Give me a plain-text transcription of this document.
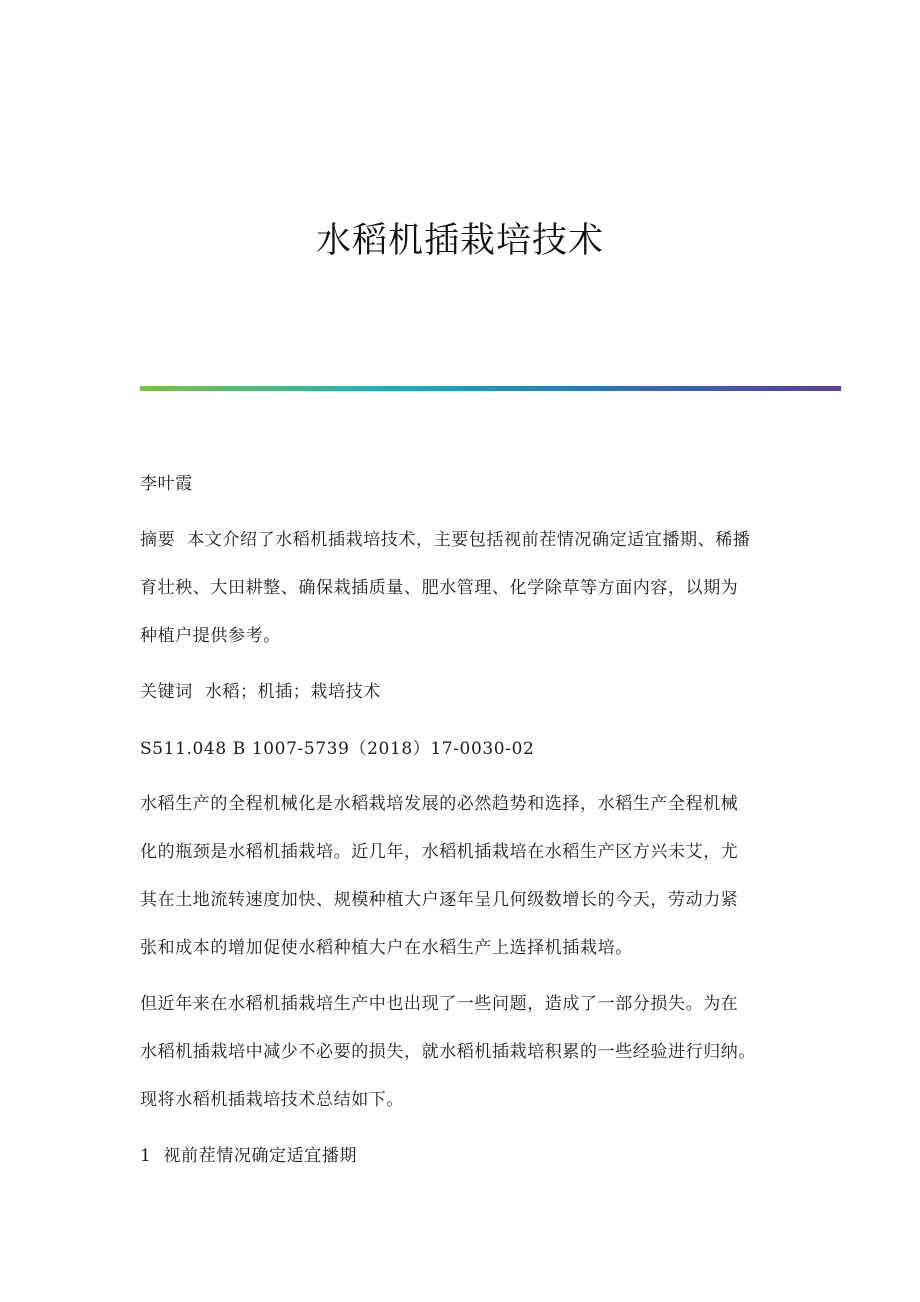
水稻机插栽培技术
李叶霞
摘要 本文介绍了水稻机插栽培技术，主要包括视前茬情况确定适宜播期、稀播
育壮秧、大田耕整、确保栽插质量、肥水管理、化学除草等方面内容，以期为
种植户提供参考。
关键词 水稻；机插；栽培技术
S511.048 B 1007-5739（2018）17-0030-02
水稻生产的全程机械化是水稻栽培发展的必然趋势和选择，水稻生产全程机械
化的瓶颈是水稻机插栽培。近几年，水稻机插栽培在水稻生产区方兴未艾，尤
其在土地流转速度加快、规模种植大户逐年呈几何级数增长的今天，劳动力紧
张和成本的增加促使水稻种植大户在水稻生产上选择机插栽培。
但近年来在水稻机插栽培生产中也出现了一些问题，造成了一部分损失。为在
水稻机插栽培中减少不必要的损失，就水稻机插栽培积累的一些经验进行归纳。
现将水稻机插栽培技术总结如下。
1 视前茬情况确定适宜播期
